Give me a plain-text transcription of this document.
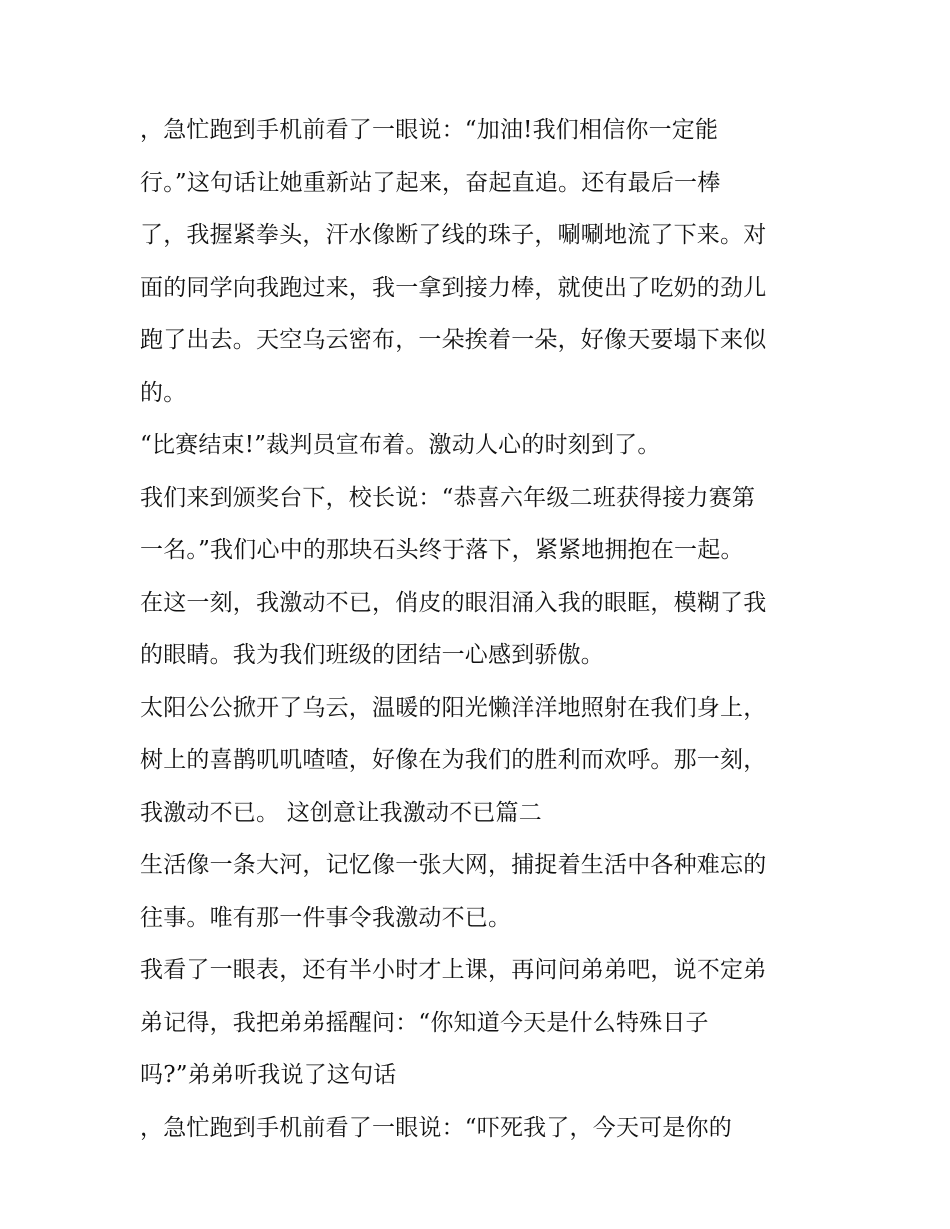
，急忙跑到手机前看了一眼说：“加油!我们相信你一定能
行。”这句话让她重新站了起来，奋起直追。还有最后一棒
了，我握紧拳头，汗水像断了线的珠子，唰唰地流了下来。对
面的同学向我跑过来，我一拿到接力棒，就使出了吃奶的劲儿
跑了出去。天空乌云密布，一朵挨着一朵，好像天要塌下来似
的。
“比赛结束!”裁判员宣布着。激动人心的时刻到了。
我们来到颁奖台下，校长说：“恭喜六年级二班获得接力赛第
一名。”我们心中的那块石头终于落下，紧紧地拥抱在一起。
在这一刻，我激动不已，俏皮的眼泪涌入我的眼眶，模糊了我
的眼睛。我为我们班级的团结一心感到骄傲。
太阳公公掀开了乌云，温暖的阳光懒洋洋地照射在我们身上，
树上的喜鹊叽叽喳喳，好像在为我们的胜利而欢呼。那一刻，
我激动不已。 这创意让我激动不已篇二
生活像一条大河，记忆像一张大网，捕捉着生活中各种难忘的
往事。唯有那一件事令我激动不已。
我看了一眼表，还有半小时才上课，再问问弟弟吧，说不定弟
弟记得，我把弟弟摇醒问：“你知道今天是什么特殊日子
吗?”弟弟听我说了这句话
，急忙跑到手机前看了一眼说：“吓死我了，今天可是你的
